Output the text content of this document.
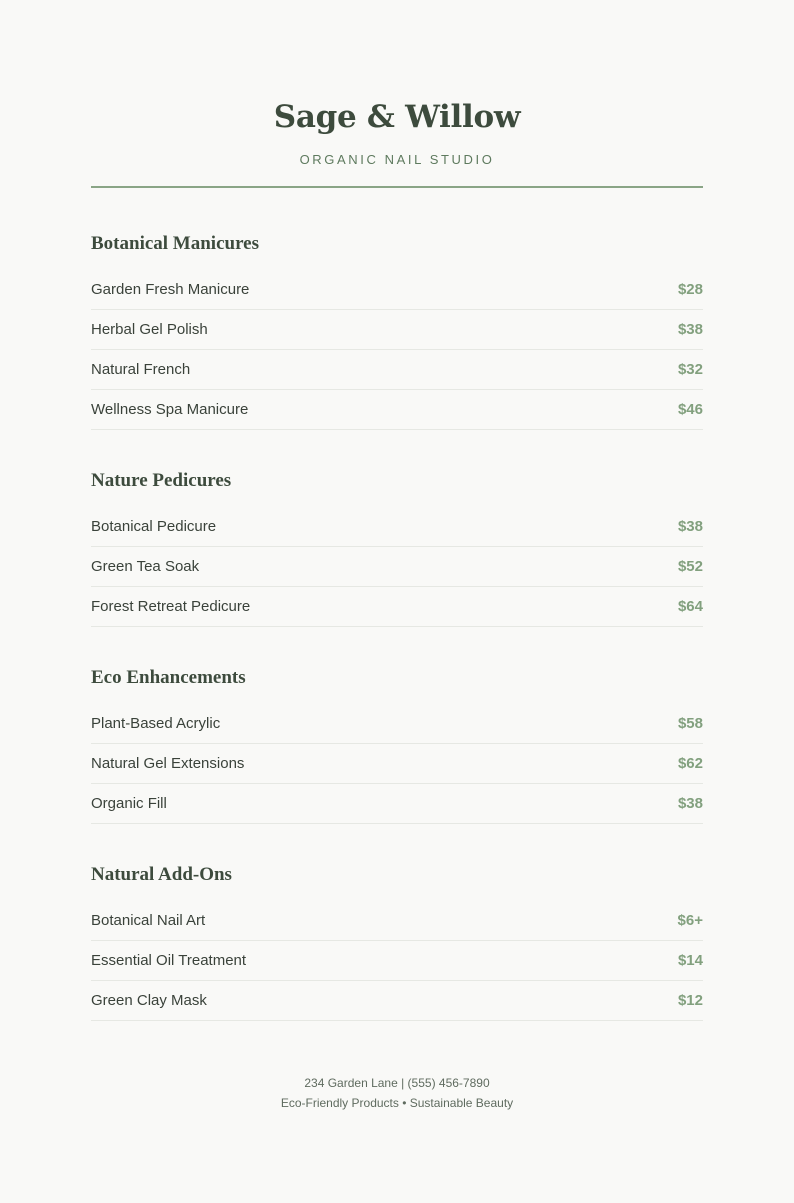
Sage & Willow
ORGANIC NAIL STUDIO
Botanical Manicures
Garden Fresh Manicure	$28
Herbal Gel Polish	$38
Natural French	$32
Wellness Spa Manicure	$46
Nature Pedicures
Botanical Pedicure	$38
Green Tea Soak	$52
Forest Retreat Pedicure	$64
Eco Enhancements
Plant-Based Acrylic	$58
Natural Gel Extensions	$62
Organic Fill	$38
Natural Add-Ons
Botanical Nail Art	$6+
Essential Oil Treatment	$14
Green Clay Mask	$12
234 Garden Lane | (555) 456-7890
Eco-Friendly Products • Sustainable Beauty
